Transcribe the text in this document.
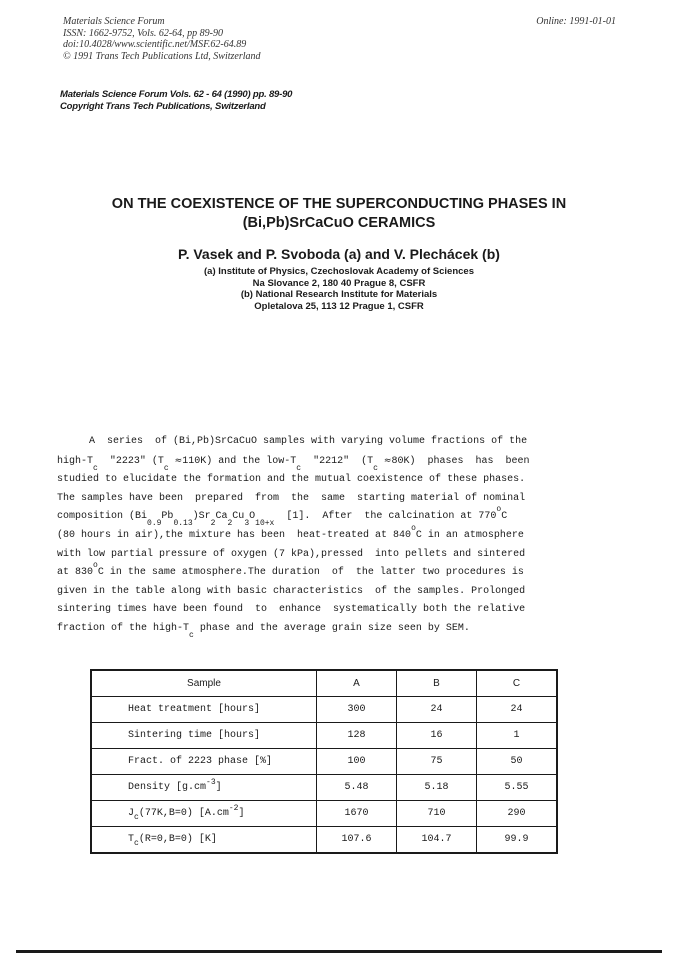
Materials Science Forum
ISSN: 1662-9752, Vols. 62-64, pp 89-90
doi:10.4028/www.scientific.net/MSF.62-64.89
© 1991 Trans Tech Publications Ltd, Switzerland
Online: 1991-01-01
Materials Science Forum Vols. 62 - 64 (1990) pp. 89-90
Copyright Trans Tech Publications, Switzerland
ON THE COEXISTENCE OF THE SUPERCONDUCTING PHASES IN
(Bi,Pb)SrCaCuO CERAMICS
P. Vasek and P. Svoboda (a) and V. Plechácek (b)
(a) Institute of Physics, Czechoslovak Academy of Sciences
Na Slovance 2, 180 40 Prague 8, CSFR
(b) National Research Institute for Materials
Opletalova 25, 113 12 Prague 1, CSFR
A  series  of (Bi,Pb)SrCaCuO samples with varying volume fractions of the
high-$T_c$  "2223" $(T_c \approx 110K)$ and the low-$T_c$  "2212"  $(T_c \approx 80K)$  phases  has  been
studied to elucidate the formation and the mutual coexistence of these phases.
The samples have been  prepared  from  the  same  starting material of nominal
composition $(Bi_{0.9}Pb_{0.13})Sr_2Ca_2Cu_3O_{10+x}$  [1].  After  the calcination at 770$^o$C
(80 hours in air),the mixture has been  heat-treated at 840$^o$C in an atmosphere
with low partial pressure of oxygen (7 kPa),pressed  into pellets and sintered
at 830$^o$C in the same atmosphere.The duration  of  the latter two procedures is
given in the table along with basic characteristics  of the samples. Prolonged
sintering times have been found  to  enhance  systematically both the relative
fraction of the high-$T_c$ phase and the average grain size seen by SEM.
Sample	A	B	C
Heat treatment [hours]	300	24	24
Sintering time [hours]	128	16	1
Fract. of 2223 phase [%]	100	75	50
Density $[g.cm^{-3}]$	5.48	5.18	5.55
$J_c(77K,B=0)$ $[A.cm^{-2}]$	1670	710	290
$T_c(R=0,B=0)$ [K]	107.6	104.7	99.9
